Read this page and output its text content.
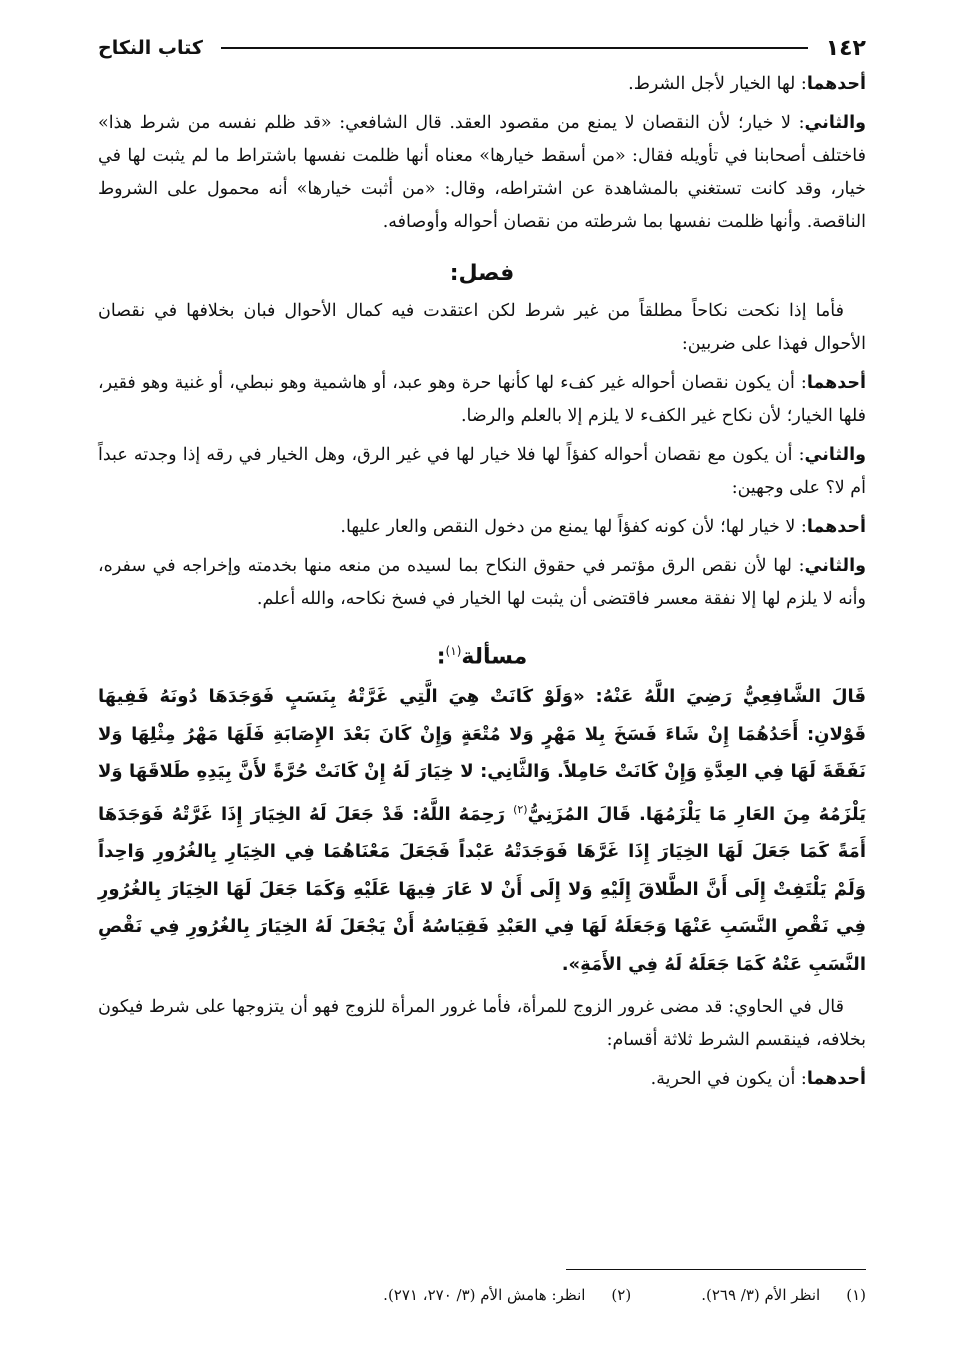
١٤٢
كتاب النكاح

أحدهما: لها الخيار لأجل الشرط.

والثاني: لا خيار؛ لأن النقصان لا يمنع من مقصود العقد. قال الشافعي: «قد ظلم نفسه من شرط هذا» فاختلف أصحابنا في تأويله فقال: «من أسقط خيارها» معناه أنها ظلمت نفسها باشتراط ما لم يثبت لها في خيار، وقد كانت تستغني بالمشاهدة عن اشتراطه، وقال: «من أثبت خيارها» أنه محمول على الشروط الناقصة. وأنها ظلمت نفسها بما شرطته من نقصان أحواله وأوصافه.

فصل:

فأما إذا نكحت نكاحاً مطلقاً من غير شرط لكن اعتقدت فيه كمال الأحوال فبان بخلافها في نقصان الأحوال فهذا على ضربين:

أحدهما: أن يكون نقصان أحواله غير كفء لها كأنها حرة وهو عبد، أو هاشمية وهو نبطي، أو غنية وهو فقير، فلها الخيار؛ لأن نكاح غير الكفء لا يلزم إلا بالعلم والرضا.

والثاني: أن يكون مع نقصان أحواله كفؤاً لها فلا خيار لها في غير الرق، وهل الخيار في رقه إذا وجدته عبداً أم لا؟ على وجهين:

أحدهما: لا خيار لها؛ لأن كونه كفؤاً لها يمنع من دخول النقص والعار عليها.

والثاني: لها لأن نقص الرق مؤتمر في حقوق النكاح بما لسيده من منعه منها بخدمته وإخراجه في سفره، وأنه لا يلزم لها إلا نفقة معسر فاقتضى أن يثبت لها الخيار في فسخ نكاحه، والله أعلم.

مسألة$^{(١)}$:
قَالَ الشَّافِعِيُّ رَضِيَ اللَّهُ عَنْهُ: «وَلَوْ كَانَتْ هِيَ الَّتِي غَرَّتْهُ بِنَسَبٍ فَوَجَدَهَا دُونَهُ فَفِيهَا قَوْلانِ: أَحَدُهُمَا إِنْ شَاءَ فَسَخَ بِلا مَهْرٍ وَلا مُتْعَةٍ وَإِنْ كَانَ بَعْدَ الإِصَابَةِ فَلَهَا مَهْرُ مِثْلِهَا وَلا نَفَقَةَ لَهَا فِي العِدَّةِ وَإِنْ كَانَتْ حَامِلاً. وَالثَّانِي: لا خِيَارَ لَهُ إِنْ كَانَتْ حُرَّةً لأَنَّ بِيَدِهِ طَلاقَهَا وَلا يَلْزَمُهُ مِنَ العَارِ مَا يَلْزَمُهَا. قَالَ المُزَنِيُّ$^{(٢)}$ رَحِمَهُ اللَّهُ: قَدْ جَعَلَ لَهُ الخِيَارَ إِذَا غَرَّتْهُ فَوَجَدَهَا أَمَةً كَمَا جَعَلَ لَهَا الخِيَارَ إِذَا غَرَّهَا فَوَجَدَتْهُ عَبْداً فَجَعَلَ مَعْنَاهُمَا فِي الخِيَارِ بِالغُرُورِ وَاحِداً وَلَمْ يَلْتَفِتْ إِلَى أَنَّ الطَّلاقَ إِلَيْهِ وَلا إِلَى أَنْ لا عَارَ فِيهَا عَلَيْهِ وَكَمَا جَعَلَ لَهَا الخِيَارَ بِالغُرُورِ فِي نَقْصِ النَّسَبِ عَنْهَا وَجَعَلَهُ لَهَا فِي العَبْدِ فَقِيَاسُهُ أَنْ يَجْعَلَ لَهُ الخِيَارَ بِالغُرُورِ فِي نَقْصِ النَّسَبِ عَنْهُ كَمَا جَعَلَهُ لَهُ فِي الأَمَةِ».

قال في الحاوي: قد مضى غرور الزوج للمرأة، فأما غرور المرأة للزوج فهو أن يتزوجها على شرط فيكون بخلافه، فينقسم الشرط ثلاثة أقسام:

أحدهما: أن يكون في الحرية.

(١)انظر الأم (٣/ ٢٦٩).
(٢)انظر: هامش الأم (٣/ ٢٧٠، ٢٧١).
